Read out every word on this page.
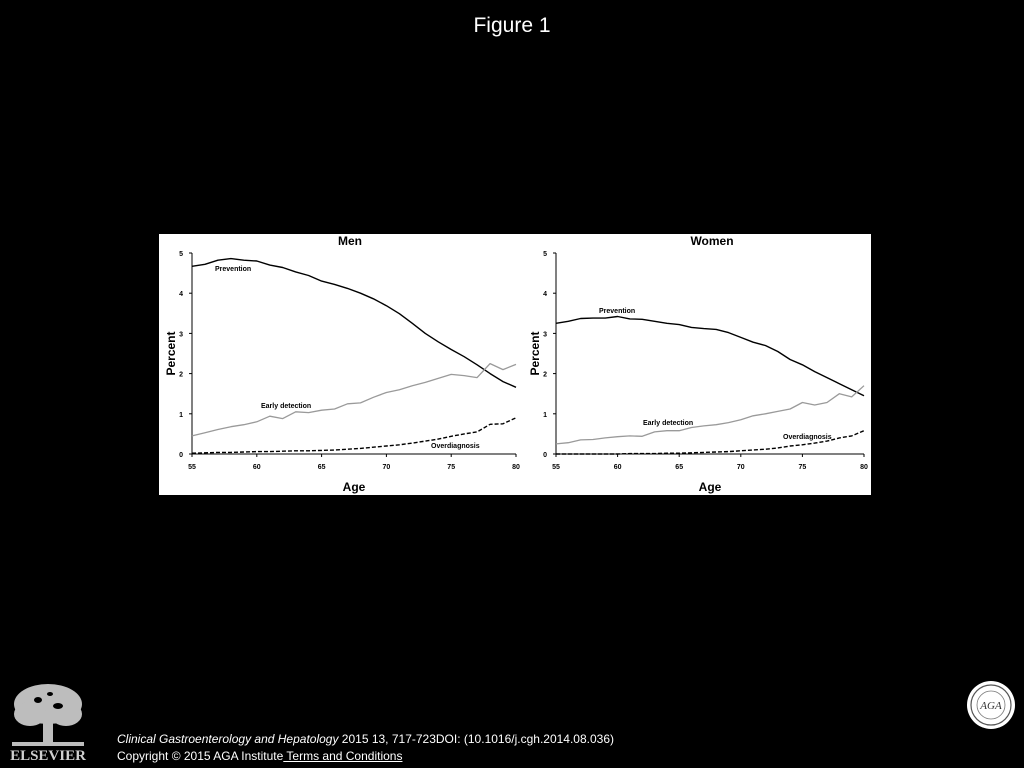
Figure 1
Men
0
1
2
3
4
5
55	60	65	70	75	80
Age
Percent
Prevention
Early detection
Overdiagnosis
Women
0
1
2
3
4
5
55	60	65	70	75	80
Age
Percent
Prevention
Early detection
Overdiagnosis
ELSEVIER
AGA
Clinical Gastroenterology and Hepatology 2015 13, 717-723DOI: (10.1016/j.cgh.2014.08.036)
Copyright © 2015 AGA Institute Terms and Conditions
